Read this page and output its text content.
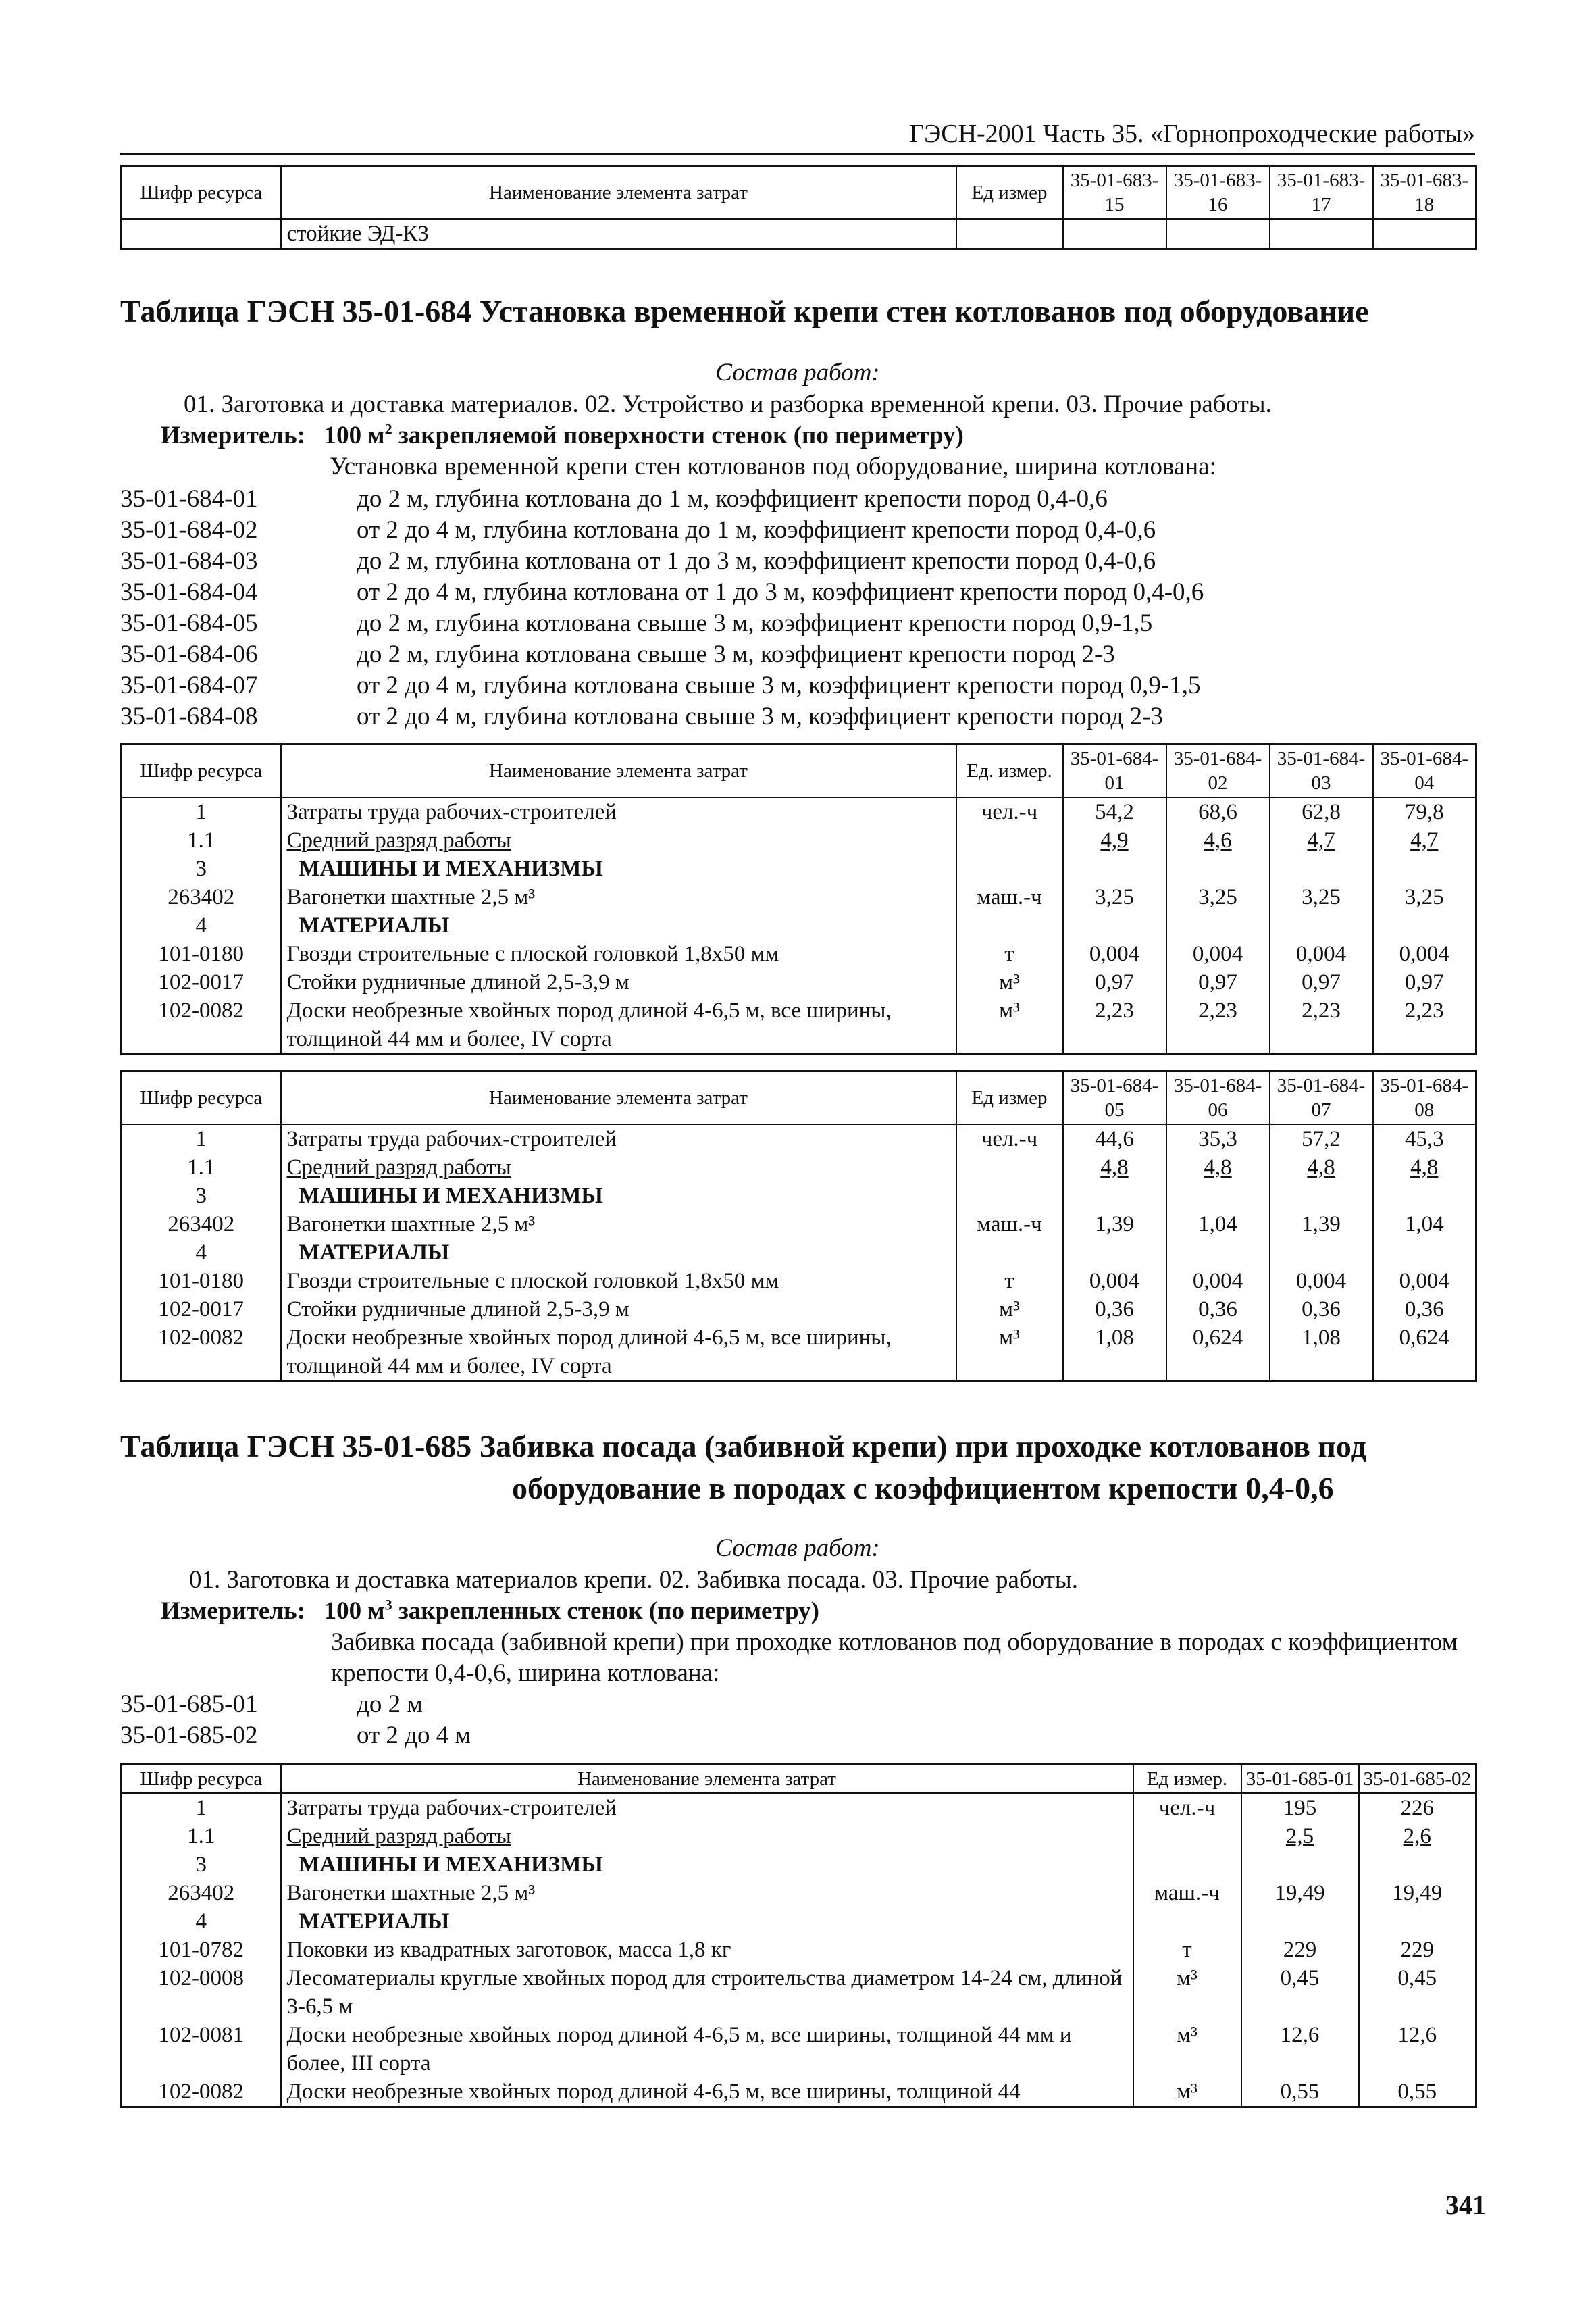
ГЭСН-2001 Часть 35. «Горнопроходческие работы»
Шифр ресурса	Наименование элемента затрат	Ед измер	35-01-683-15	35-01-683-16	35-01-683-17	35-01-683-18
	стойкие ЭД-КЗ					
Таблица ГЭСН 35-01-684 Установка временной крепи стен котлованов под оборудование
Состав работ:
01. Заготовка и доставка материалов. 02. Устройство и разборка временной крепи. 03. Прочие работы.
Измеритель: 100 $м^2$ закрепляемой поверхности стенок (по периметру)
Установка временной крепи стен котлованов под оборудование, ширина котлована:
35-01-684-01	до 2 м, глубина котлована до 1 м, коэффициент крепости пород 0,4-0,6
35-01-684-02	от 2 до 4 м, глубина котлована до 1 м, коэффициент крепости пород 0,4-0,6
35-01-684-03	до 2 м, глубина котлована от 1 до 3 м, коэффициент крепости пород 0,4-0,6
35-01-684-04	от 2 до 4 м, глубина котлована от 1 до 3 м, коэффициент крепости пород 0,4-0,6
35-01-684-05	до 2 м, глубина котлована свыше 3 м, коэффициент крепости пород 0,9-1,5
35-01-684-06	до 2 м, глубина котлована свыше 3 м, коэффициент крепости пород 2-3
35-01-684-07	от 2 до 4 м, глубина котлована свыше 3 м, коэффициент крепости пород 0,9-1,5
35-01-684-08	от 2 до 4 м, глубина котлована свыше 3 м, коэффициент крепости пород 2-3
Шифр ресурса	Наименование элемента затрат	Ед. измер.	35-01-684-01	35-01-684-02	35-01-684-03	35-01-684-04
1	Затраты труда рабочих-строителей	чел.-ч	54,2	68,6	62,8	79,8
1.1	Средний разряд работы		4,9	4,6	4,7	4,7
3	МАШИНЫ И МЕХАНИЗМЫ					
263402	Вагонетки шахтные 2,5 м³	маш.-ч	3,25	3,25	3,25	3,25
4	МАТЕРИАЛЫ					
101-0180	Гвозди строительные с плоской головкой 1,8x50 мм	т	0,004	0,004	0,004	0,004
102-0017	Стойки рудничные длиной 2,5-3,9 м	м³	0,97	0,97	0,97	0,97
102-0082	Доски необрезные хвойных пород длиной 4-6,5 м, все ширины, толщиной 44 мм и более, IV сорта	м³	2,23	2,23	2,23	2,23
Шифр ресурса	Наименование элемента затрат	Ед измер	35-01-684-05	35-01-684-06	35-01-684-07	35-01-684-08
1	Затраты труда рабочих-строителей	чел.-ч	44,6	35,3	57,2	45,3
1.1	Средний разряд работы		4,8	4,8	4,8	4,8
3	МАШИНЫ И МЕХАНИЗМЫ					
263402	Вагонетки шахтные 2,5 м³	маш.-ч	1,39	1,04	1,39	1,04
4	МАТЕРИАЛЫ					
101-0180	Гвозди строительные с плоской головкой 1,8x50 мм	т	0,004	0,004	0,004	0,004
102-0017	Стойки рудничные длиной 2,5-3,9 м	м³	0,36	0,36	0,36	0,36
102-0082	Доски необрезные хвойных пород длиной 4-6,5 м, все ширины, толщиной 44 мм и более, IV сорта	м³	1,08	0,624	1,08	0,624
Таблица ГЭСН 35-01-685 Забивка посада (забивной крепи) при проходке котлованов под
оборудование в породах с коэффициентом крепости 0,4-0,6
Состав работ:
01. Заготовка и доставка материалов крепи. 02. Забивка посада. 03. Прочие работы.
Измеритель: 100 $м^3$ закрепленных стенок (по периметру)
Забивка посада (забивной крепи) при проходке котлованов под оборудование в породах с коэффициентом крепости 0,4-0,6, ширина котлована:
35-01-685-01	до 2 м
35-01-685-02	от 2 до 4 м
Шифр ресурса	Наименование элемента затрат	Ед измер.	35-01-685-01	35-01-685-02
1	Затраты труда рабочих-строителей	чел.-ч	195	226
1.1	Средний разряд работы		2,5	2,6
3	МАШИНЫ И МЕХАНИЗМЫ			
263402	Вагонетки шахтные 2,5 м³	маш.-ч	19,49	19,49
4	МАТЕРИАЛЫ			
101-0782	Поковки из квадратных заготовок, масса 1,8 кг	т	229	229
102-0008	Лесоматериалы круглые хвойных пород для строительства диаметром 14-24 см, длиной 3-6,5 м	м³	0,45	0,45
102-0081	Доски необрезные хвойных пород длиной 4-6,5 м, все ширины, толщиной 44 мм и более, III сорта	м³	12,6	12,6
102-0082	Доски необрезные хвойных пород длиной 4-6,5 м, все ширины, толщиной 44	м³	0,55	0,55
341
